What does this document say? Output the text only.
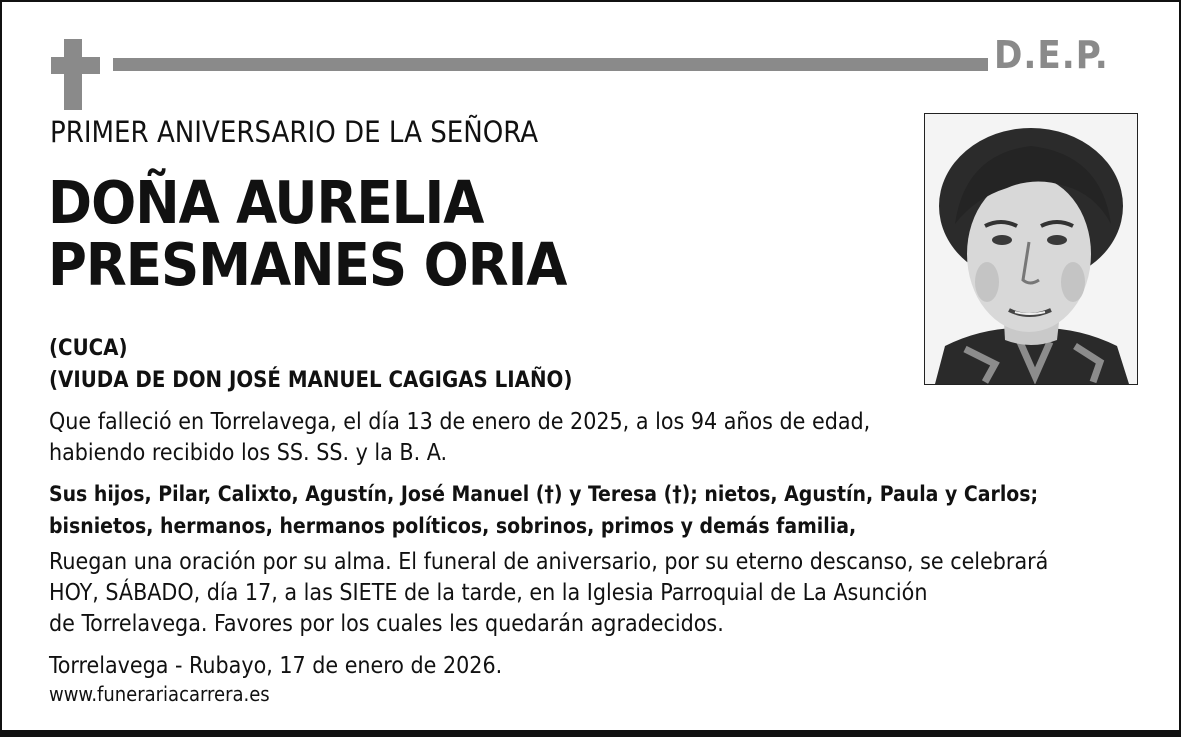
D.E.P.
PRIMER ANIVERSARIO DE LA SEÑORA
DOÑA AURELIA
PRESMANES ORIA
(CUCA)
(VIUDA DE DON JOSÉ MANUEL CAGIGAS LIAÑO)
Que falleció en Torrelavega, el día 13 de enero de 2025, a los 94 años de edad,
habiendo recibido los SS. SS. y la B. A.
Sus hijos, Pilar, Calixto, Agustín, José Manuel (†) y Teresa (†); nietos, Agustín, Paula y Carlos;
bisnietos, hermanos, hermanos políticos, sobrinos, primos y demás familia,
Ruegan una oración por su alma. El funeral de aniversario, por su eterno descanso, se celebrará
HOY, SÁBADO, día 17, a las SIETE de la tarde, en la Iglesia Parroquial de La Asunción
de Torrelavega. Favores por los cuales les quedarán agradecidos.
Torrelavega - Rubayo, 17 de enero de 2026.
www.funerariacarrera.es
